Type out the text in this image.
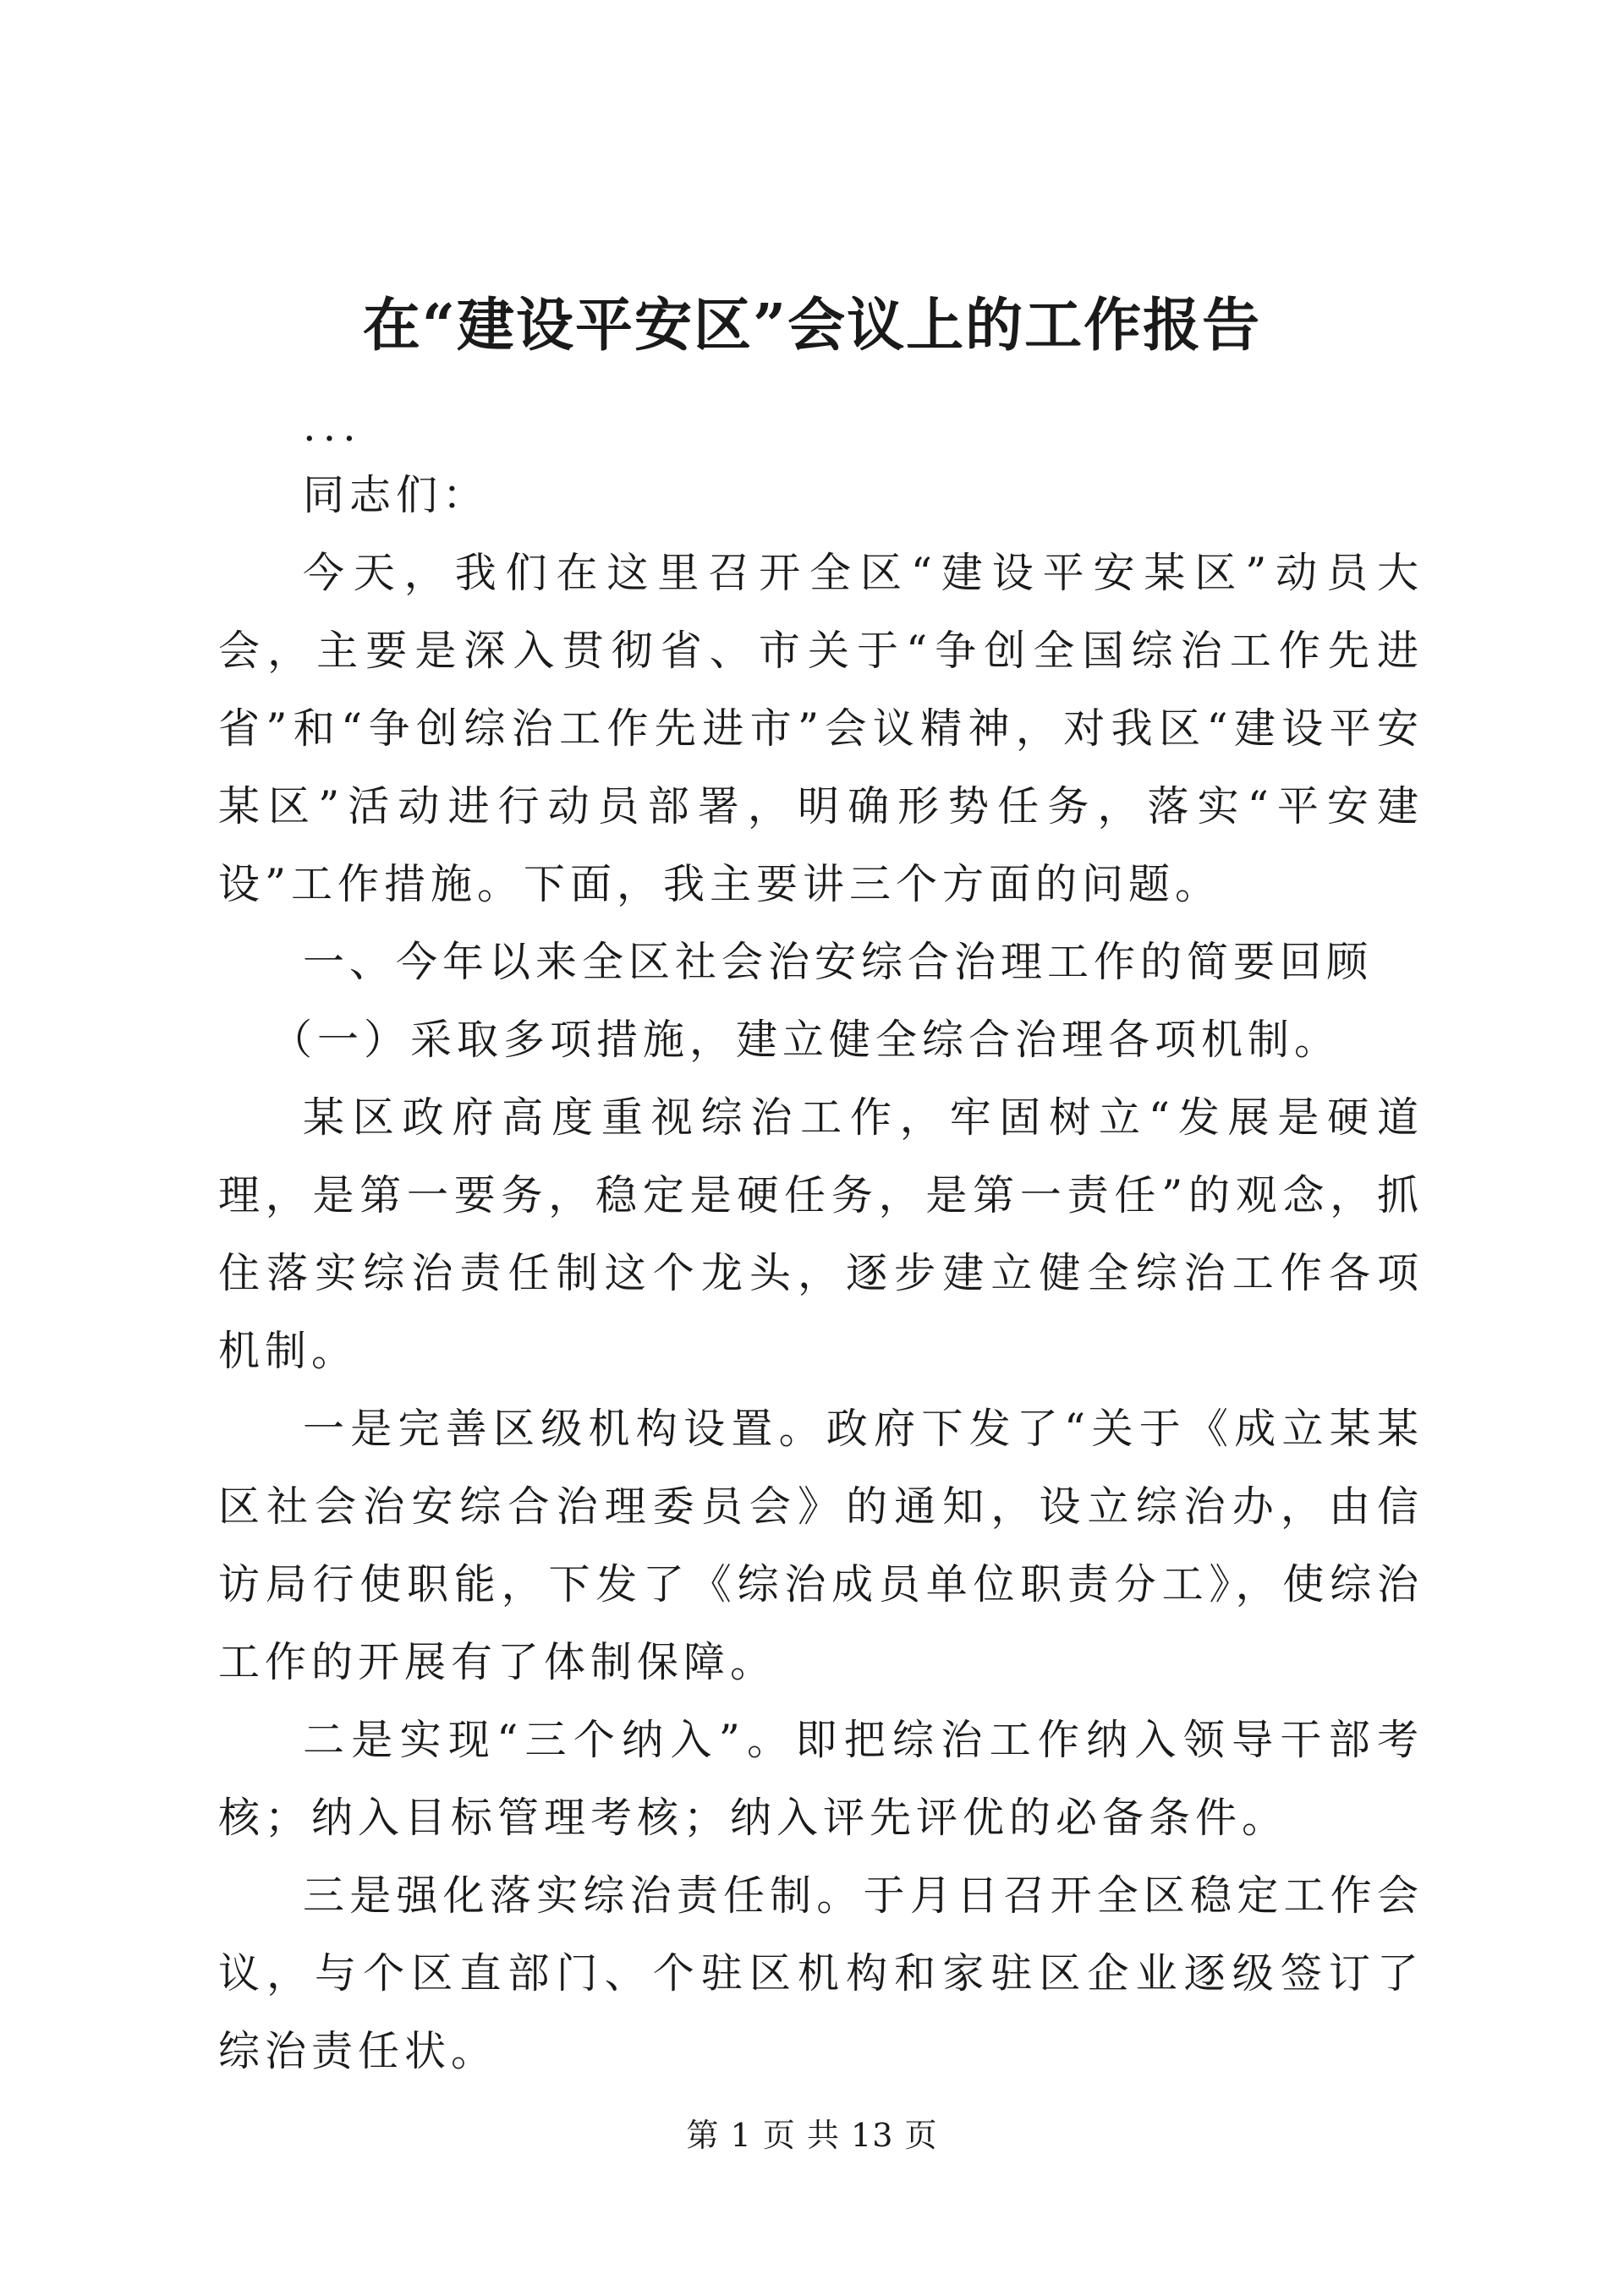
在“建设平安区”会议上的工作报告

...

同志们：

今天，我们在这里召开全区“建设平安某区”动员大会，主要是深入贯彻省、市关于“争创全国综治工作先进省”和“争创综治工作先进市”会议精神，对我区“建设平安某区”活动进行动员部署，明确形势任务，落实“平安建设”工作措施。下面，我主要讲三个方面的问题。

一、今年以来全区社会治安综合治理工作的简要回顾

（一）采取多项措施，建立健全综合治理各项机制。

某区政府高度重视综治工作，牢固树立“发展是硬道理，是第一要务，稳定是硬任务，是第一责任”的观念，抓住落实综治责任制这个龙头，逐步建立健全综治工作各项机制。

一是完善区级机构设置。政府下发了“关于《成立某某区社会治安综合治理委员会》的通知，设立综治办，由信访局行使职能，下发了《综治成员单位职责分工》，使综治工作的开展有了体制保障。

二是实现“三个纳入”。即把综治工作纳入领导干部考核；纳入目标管理考核；纳入评先评优的必备条件。

三是强化落实综治责任制。于月日召开全区稳定工作会议，与个区直部门、个驻区机构和家驻区企业逐级签订了综治责任状。

第 1 页 共 13 页
